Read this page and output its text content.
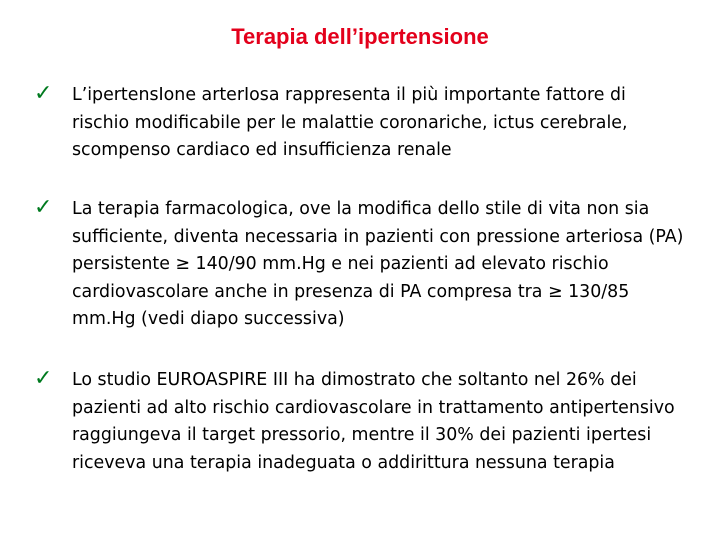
Terapia dell’ipertensione
✓ L’ipertensIone arterIosa rappresenta il più importante fattore di rischio modificabile per le malattie coronariche, ictus cerebrale, scompenso cardiaco ed insufficienza renale

✓ La terapia farmacologica, ove la modifica dello stile di vita non sia sufficiente, diventa necessaria in pazienti con pressione arteriosa (PA) persistente ≥ 140/90 mm.Hg e nei pazienti ad elevato rischio cardiovascolare anche in presenza di PA compresa tra ≥ 130/85 mm.Hg (vedi diapo successiva)

✓ Lo studio EUROASPIRE III ha dimostrato che soltanto nel 26% dei pazienti ad alto rischio cardiovascolare in trattamento antipertensivo raggiungeva il target pressorio, mentre il 30% dei pazienti ipertesi riceveva una terapia inadeguata o addirittura nessuna terapia
